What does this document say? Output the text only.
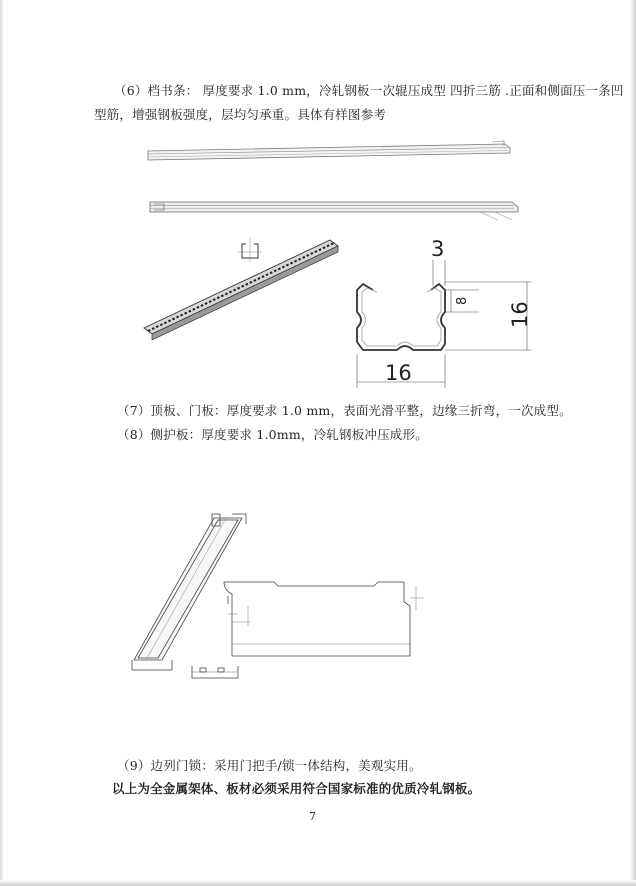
（6）档书条： 厚度要求 1.0 mm，冷轧钢板一次辊压成型 四折三筋 .正面和侧面压一条凹
型筋，增强钢板强度，层均匀承重。具体有样图参考
3
8
16
16
（7）顶板、门板：厚度要求 1.0 mm，表面光滑平整，边缘三折弯，一次成型。
（8）侧护板：厚度要求 1.0mm，冷轧钢板冲压成形。
（9）边列门锁：采用门把手/锁一体结构，美观实用。
以上为全金属架体、板材必须采用符合国家标准的优质冷轧钢板。
7
